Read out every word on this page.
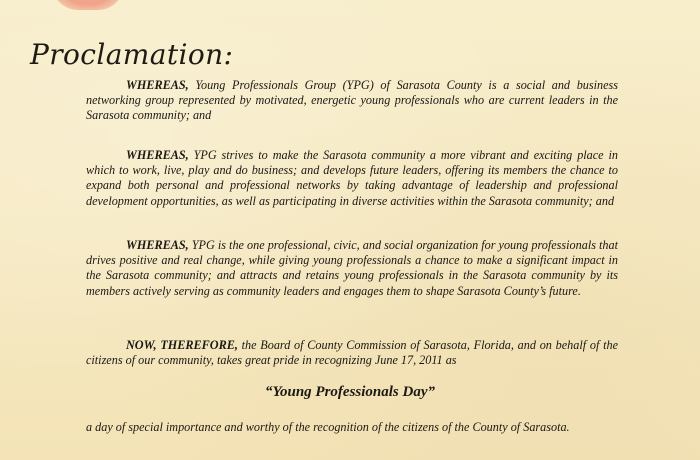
Proclamation:

WHEREAS, Young Professionals Group (YPG) of Sarasota County is a social and business networking group represented by motivated, energetic young professionals who are current leaders in the Sarasota community; and

WHEREAS, YPG strives to make the Sarasota community a more vibrant and exciting place in which to work, live, play and do business; and develops future leaders, offering its members the chance to expand both personal and professional networks by taking advantage of leadership and professional development opportunities, as well as participating in diverse activities within the Sarasota community; and

WHEREAS, YPG is the one professional, civic, and social organization for young professionals that drives positive and real change, while giving young professionals a chance to make a significant impact in the Sarasota community; and attracts and retains young professionals in the Sarasota community by its members actively serving as community leaders and engages them to shape Sarasota County’s future.

NOW, THEREFORE, the Board of County Commission of Sarasota, Florida, and on behalf of the citizens of our community, takes great pride in recognizing June 17, 2011 as

“Young Professionals Day”

a day of special importance and worthy of the recognition of the citizens of the County of Sarasota.
